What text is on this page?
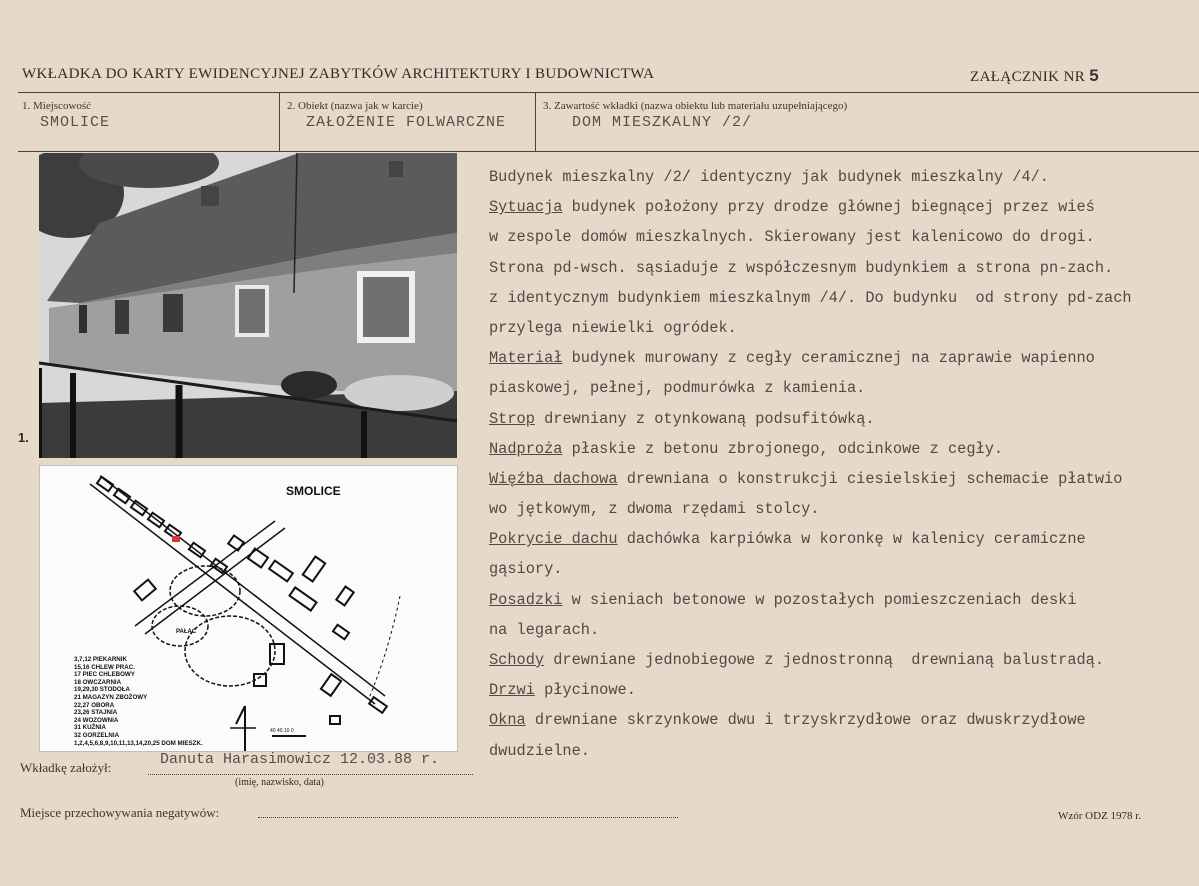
WKŁADKA DO KARTY EWIDENCYJNEJ ZABYTKÓW ARCHITEKTURY I BUDOWNICTWA	ZAŁĄCZNIK NR 5
1. Miejscowość
SMOLICE
2. Obiekt (nazwa jak w karcie)
ZAŁOŻENIE FOLWARCZNE
3. Zawartość wkładki (nazwa obiektu lub materiału uzupełniającego)
DOM MIESZKALNY /2/
1.
SMOLICE
PAŁAC
40 40 10 0
3,7,12 PIEKARNIK
15,16 CHLEW PRAC.
17 PIEC CHLEBOWY
18 OWCZARNIA
19,29,30 STODOŁA
21 MAGAZYN ZBOŻOWY
22,27 OBORA
23,26 STAJNIA
24 WOZOWNIA
31 KUŹNIA
32 GORZELNIA
1,2,4,5,6,8,9,10,11,13,14,20,25 DOM MIESZK.
Budynek mieszkalny /2/ identyczny jak budynek mieszkalny /4/.
Sytuacja budynek położony przy drodze głównej biegnącej przez wieś
w zespole domów mieszkalnych. Skierowany jest kalenicowo do drogi.
Strona pd-wsch. sąsiaduje z współczesnym budynkiem a strona pn-zach.
z identycznym budynkiem mieszkalnym /4/. Do budynku  od strony pd-zach
przylega niewielki ogródek.
Materiał budynek murowany z cegły ceramicznej na zaprawie wapienno
piaskowej, pełnej, podmurówka z kamienia.
Strop drewniany z otynkowaną podsufitówką.
Nadproża płaskie z betonu zbrojonego, odcinkowe z cegły.
Więźba dachowa drewniana o konstrukcji ciesielskiej schemacie płatwio
wo jętkowym, z dwoma rzędami stolcy.
Pokrycie dachu dachówka karpiówka w koronkę w kalenicy ceramiczne
gąsiory.
Posadzki w sieniach betonowe w pozostałych pomieszczeniach deski
na legarach.
Schody drewniane jednobiegowe z jednostronną  drewnianą balustradą.
Drzwi płycinowe.
Okna drewniane skrzynkowe dwu i trzyskrzydłowe oraz dwuskrzydłowe
dwudzielne.
Wkładkę założył:	Danuta Harasimowicz 12.03.88 r.
(imię, nazwisko, data)
Miejsce przechowywania negatywów:	Wzór ODZ 1978 r.
